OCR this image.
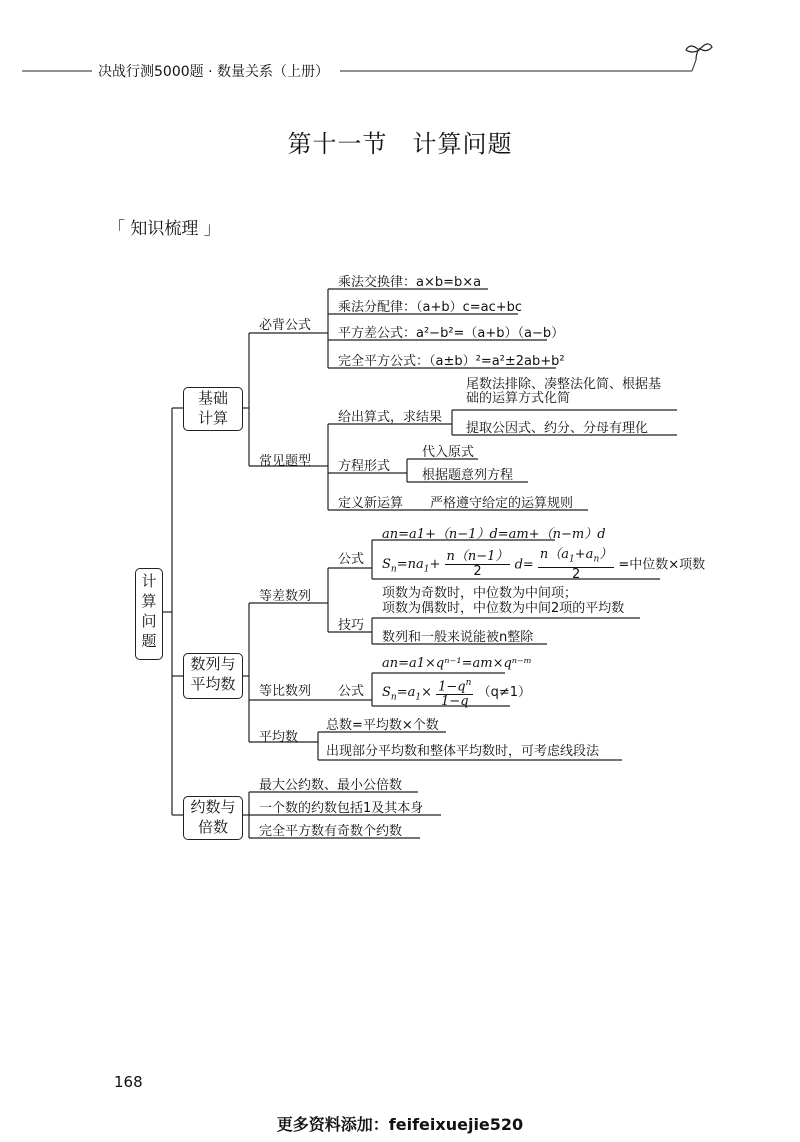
决战行测5000题 · 数量关系（上册）
第十一节　计算问题
「 知识梳理 」
计
算
问
题
基础
计算
数列与
平均数
约数与
倍数
必背公式
乘法交换律：a×b=b×a
乘法分配律：（a+b）c=ac+bc
平方差公式：a²−b²=（a+b）（a−b）
完全平方公式：（a±b）²=a²±2ab+b²
常见题型
给出算式，求结果
尾数法排除、凑整法化简、根据基础的运算方式化简
提取公因式、约分、分母有理化
方程形式
代入原式
根据题意列方程
定义新运算 严格遵守给定的运算规则
等差数列
公式
an=a1+（n−1）d=am+（n−m）d
$S_n=na_1+ \frac{n(n-1)}{2} d= \frac{n(a_1+a_n)}{2}$ =中位数×项数
技巧
项数为奇数时，中位数为中间项；
项数为偶数时，中位数为中间2项的平均数
数列和一般来说能被n整除
等比数列 公式
an=a1×qⁿ⁻¹=am×qⁿ⁻ᵐ
$S_n=a_1\times \frac{1-q^n}{1-q} (q\ne 1)$
平均数
总数=平均数×个数
出现部分平均数和整体平均数时，可考虑线段法
最大公约数、最小公倍数
一个数的约数包括1及其本身
完全平方数有奇数个约数
168
更多资料添加：feifeixuejie520
